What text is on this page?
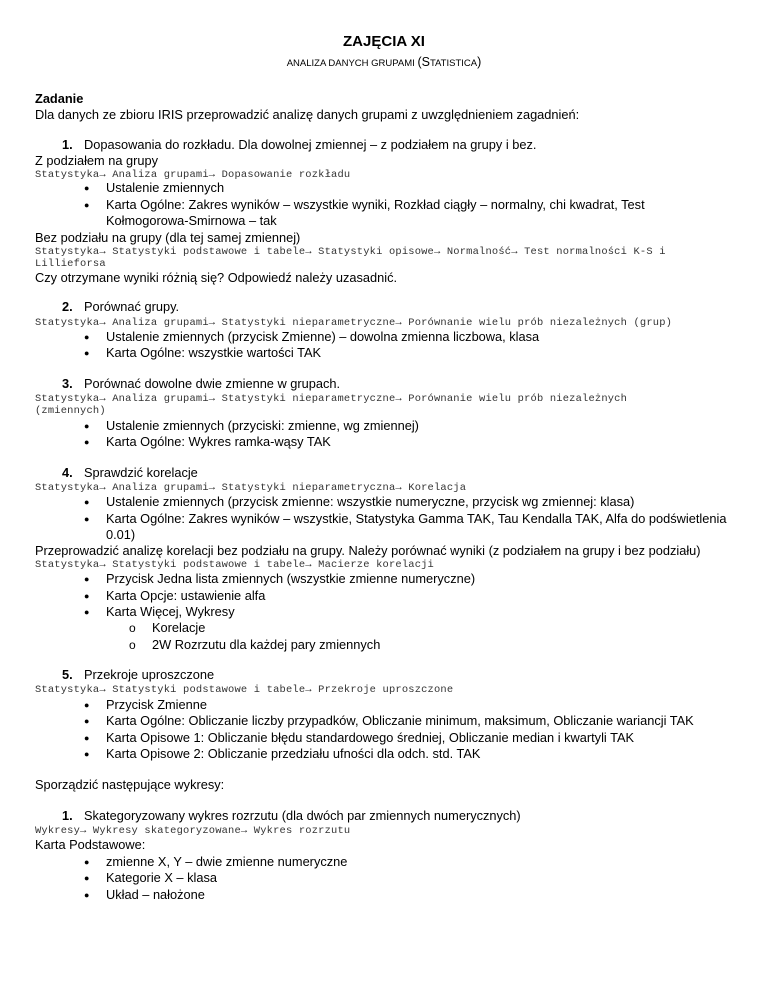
ZAJĘCIA XI
ANALIZA DANYCH GRUPAMI (STATISTICA)
Zadanie
Dla danych ze zbioru IRIS przeprowadzić analizę danych grupami z uwzględnieniem zagadnień:
1. Dopasowania do rozkładu. Dla dowolnej zmiennej – z podziałem na grupy i bez.
Z podziałem na grupy
Statystyka→ Analiza grupami→ Dopasowanie rozkładu
● Ustalenie zmiennych
● Karta Ogólne: Zakres wyników – wszystkie wyniki, Rozkład ciągły – normalny, chi kwadrat, Test
Kołmogorowa-Smirnowa – tak
Bez podziału na grupy (dla tej samej zmiennej)
Statystyka→ Statystyki podstawowe i tabele→ Statystyki opisowe→ Normalność→ Test normalności K-S i
Lillieforsa
Czy otrzymane wyniki różnią się? Odpowiedź należy uzasadnić.
2. Porównać grupy.
Statystyka→ Analiza grupami→ Statystyki nieparametryczne→ Porównanie wielu prób niezależnych (grup)
● Ustalenie zmiennych (przycisk Zmienne) – dowolna zmienna liczbowa, klasa
● Karta Ogólne: wszystkie wartości TAK
3. Porównać dowolne dwie zmienne w grupach.
Statystyka→ Analiza grupami→ Statystyki nieparametryczne→ Porównanie wielu prób niezależnych
(zmiennych)
● Ustalenie zmiennych (przyciski: zmienne, wg zmiennej)
● Karta Ogólne: Wykres ramka-wąsy TAK
4. Sprawdzić korelacje
Statystyka→ Analiza grupami→ Statystyki nieparametryczna→ Korelacja
● Ustalenie zmiennych (przycisk zmienne: wszystkie numeryczne, przycisk wg zmiennej: klasa)
● Karta Ogólne: Zakres wyników – wszystkie, Statystyka Gamma TAK, Tau Kendalla TAK, Alfa do podświetlenia
0.01)
Przeprowadzić analizę korelacji bez podziału na grupy. Należy porównać wyniki (z podziałem na grupy i bez podziału)
Statystyka→ Statystyki podstawowe i tabele→ Macierze korelacji
● Przycisk Jedna lista zmiennych (wszystkie zmienne numeryczne)
● Karta Opcje: ustawienie alfa
● Karta Więcej, Wykresy
o Korelacje
o 2W Rozrzutu dla każdej pary zmiennych
5. Przekroje uproszczone
Statystyka→ Statystyki podstawowe i tabele→ Przekroje uproszczone
● Przycisk Zmienne
● Karta Ogólne: Obliczanie liczby przypadków, Obliczanie minimum, maksimum, Obliczanie wariancji TAK
● Karta Opisowe 1: Obliczanie błędu standardowego średniej, Obliczanie median i kwartyli TAK
● Karta Opisowe 2: Obliczanie przedziału ufności dla odch. std. TAK
Sporządzić następujące wykresy:
1. Skategoryzowany wykres rozrzutu (dla dwóch par zmiennych numerycznych)
Wykresy→ Wykresy skategoryzowane→ Wykres rozrzutu
Karta Podstawowe:
● zmienne X, Y – dwie zmienne numeryczne
● Kategorie X – klasa
● Układ – nałożone
